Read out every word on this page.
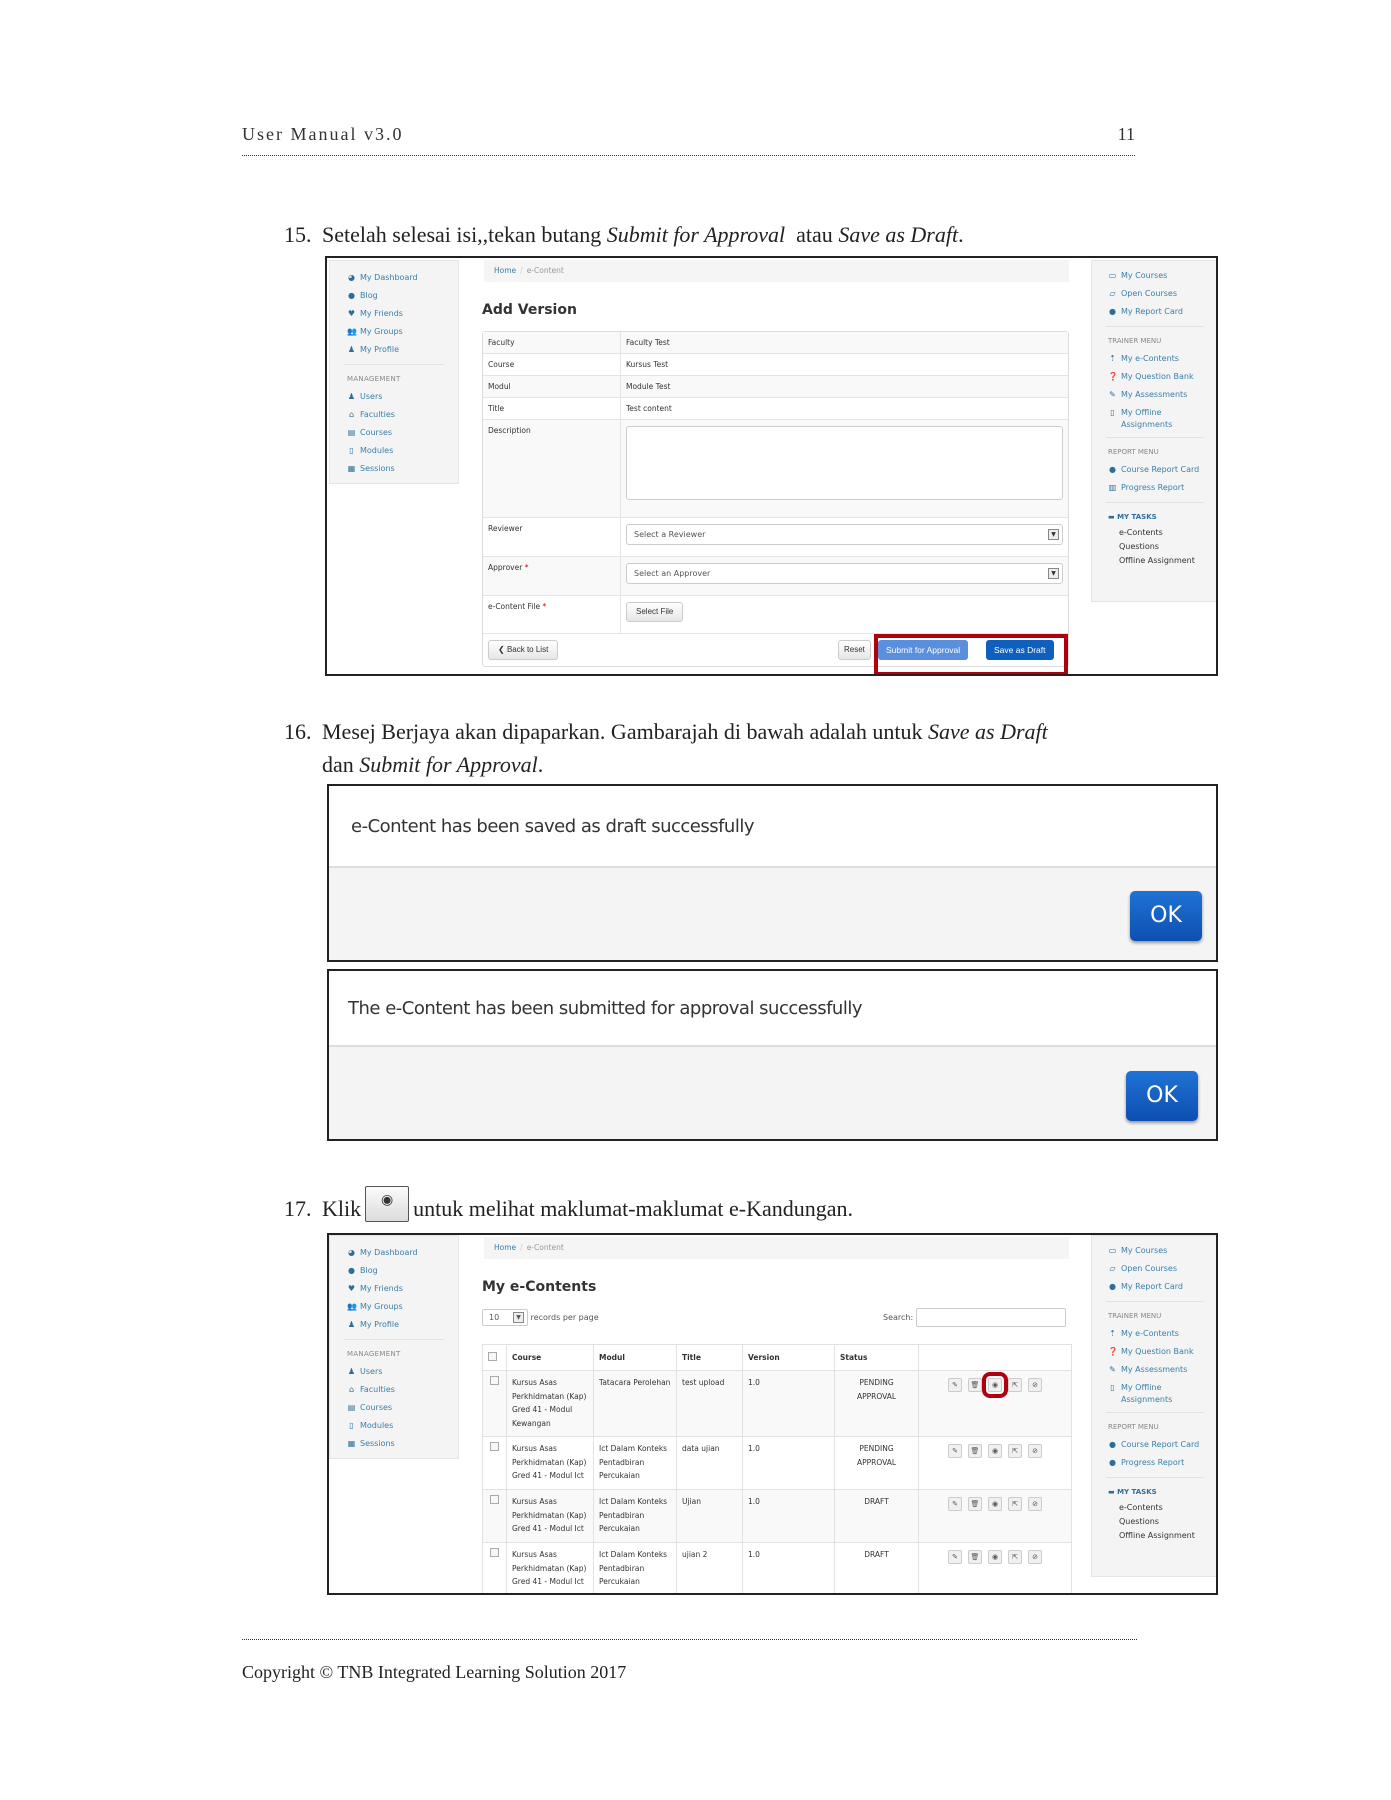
User Manual v3.0	11
15. Setelah selesai isi,,tekan butang Submit for Approval  atau Save as Draft.
◕ My Dashboard
● Blog
♥ My Friends
👥 My Groups
♟ My Profile
MANAGEMENT
♟ Users
⌂ Faculties
▤ Courses
▯ Modules
▦ Sessions
Home / e-Content
Add Version
Faculty	Faculty Test
Course	Kursus Test
Modul	Module Test
Title	Test content
Description
Reviewer
Select a Reviewer	▼
Approver *
Select an Approver	▼
e-Content File *
Select File
❮ Back to List	Reset	Submit for Approval	Save as Draft
▭ My Courses
▱ Open Courses
● My Report Card
TRAINER MENU
⇡ My e-Contents
❓ My Question Bank
✎ My Assessments
▯ My Offline Assignments
REPORT MENU
● Course Report Card
▥ Progress Report
▬ MY TASKS
e-Contents
Questions
Offline Assignment
16. Mesej Berjaya akan dipaparkan. Gambarajah di bawah adalah untuk Save as Draft
dan Submit for Approval.
e-Content has been saved as draft successfully
OK
The e-Content has been submitted for approval successfully
OK
17. Klik ◉ untuk melihat maklumat-maklumat e-Kandungan.
◕ My Dashboard
● Blog
♥ My Friends
👥 My Groups
♟ My Profile
MANAGEMENT
♟ Users
⌂ Faculties
▤ Courses
▯ Modules
▦ Sessions
Home / e-Content
My e-Contents
10	▼	records per page	Search:
	Course	Modul	Title	Version	Status	
	Kursus Asas Perkhidmatan (Kap) Gred 41 - Modul Kewangan	Tatacara Perolehan	test upload	1.0	PENDING APPROVAL	✎ 🗑 ◉ ⇱ ⊘

	Kursus Asas Perkhidmatan (Kap) Gred 41 - Modul Ict	Ict Dalam Konteks Pentadbiran Percukaian	data ujian	1.0	PENDING APPROVAL	✎ 🗑 ◉ ⇱ ⊘

	Kursus Asas Perkhidmatan (Kap) Gred 41 - Modul Ict	Ict Dalam Konteks Pentadbiran Percukaian	Ujian	1.0	DRAFT	✎ 🗑 ◉ ⇱ ⊘

	Kursus Asas Perkhidmatan (Kap) Gred 41 - Modul Ict	Ict Dalam Konteks Pentadbiran Percukaian	ujian 2	1.0	DRAFT	✎ 🗑 ◉ ⇱ ⊘
▭ My Courses
▱ Open Courses
● My Report Card
TRAINER MENU
⇡ My e-Contents
❓ My Question Bank
✎ My Assessments
▯ My Offline Assignments
REPORT MENU
● Course Report Card
● Progress Report
▬ MY TASKS
e-Contents
Questions
Offline Assignment
Copyright © TNB Integrated Learning Solution 2017
